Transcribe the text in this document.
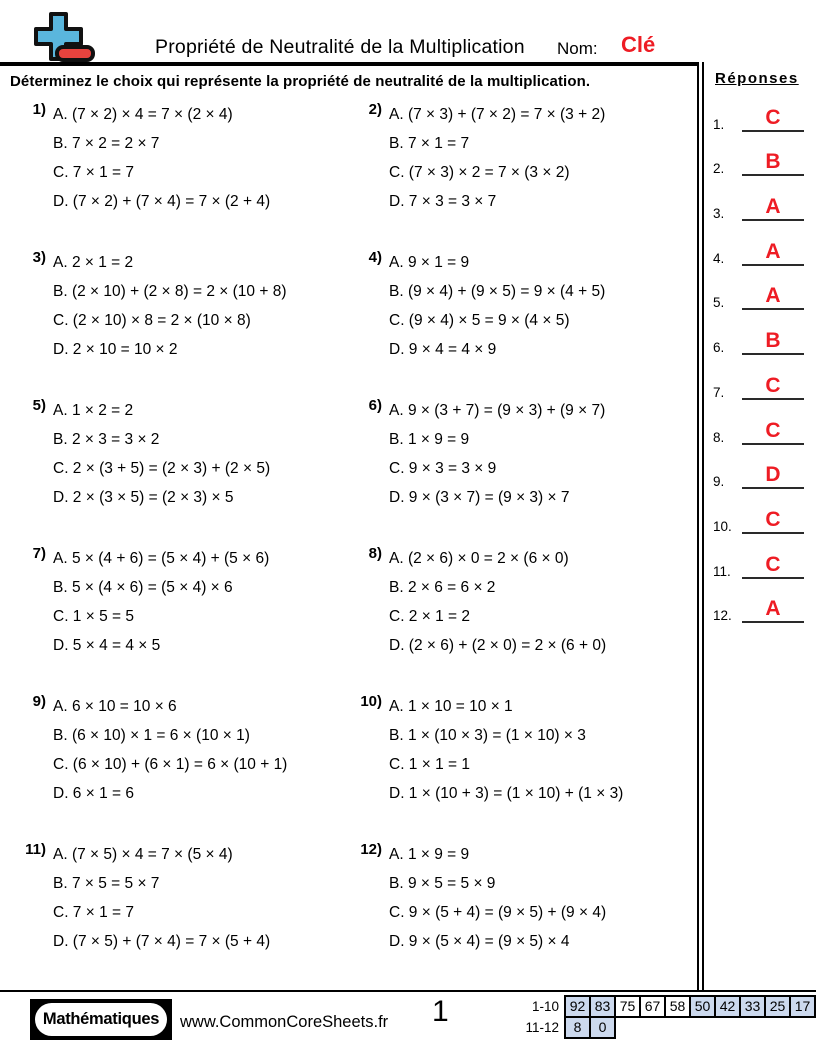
Propriété de Neutralité de la Multiplication Nom: Clé
Déterminez le choix qui représente la propriété de neutralité de la multiplication.
1) A. (7 × 2) × 4 = 7 × (2 × 4)
B. 7 × 2 = 2 × 7
C. 7 × 1 = 7
D. (7 × 2) + (7 × 4) = 7 × (2 + 4)
2) A. (7 × 3) + (7 × 2) = 7 × (3 + 2)
B. 7 × 1 = 7
C. (7 × 3) × 2 = 7 × (3 × 2)
D. 7 × 3 = 3 × 7
3) A. 2 × 1 = 2
B. (2 × 10) + (2 × 8) = 2 × (10 + 8)
C. (2 × 10) × 8 = 2 × (10 × 8)
D. 2 × 10 = 10 × 2
4) A. 9 × 1 = 9
B. (9 × 4) + (9 × 5) = 9 × (4 + 5)
C. (9 × 4) × 5 = 9 × (4 × 5)
D. 9 × 4 = 4 × 9
5) A. 1 × 2 = 2
B. 2 × 3 = 3 × 2
C. 2 × (3 + 5) = (2 × 3) + (2 × 5)
D. 2 × (3 × 5) = (2 × 3) × 5
6) A. 9 × (3 + 7) = (9 × 3) + (9 × 7)
B. 1 × 9 = 9
C. 9 × 3 = 3 × 9
D. 9 × (3 × 7) = (9 × 3) × 7
7) A. 5 × (4 + 6) = (5 × 4) + (5 × 6)
B. 5 × (4 × 6) = (5 × 4) × 6
C. 1 × 5 = 5
D. 5 × 4 = 4 × 5
8) A. (2 × 6) × 0 = 2 × (6 × 0)
B. 2 × 6 = 6 × 2
C. 2 × 1 = 2
D. (2 × 6) + (2 × 0) = 2 × (6 + 0)
9) A. 6 × 10 = 10 × 6
B. (6 × 10) × 1 = 6 × (10 × 1)
C. (6 × 10) + (6 × 1) = 6 × (10 + 1)
D. 6 × 1 = 6
10) A. 1 × 10 = 10 × 1
B. 1 × (10 × 3) = (1 × 10) × 3
C. 1 × 1 = 1
D. 1 × (10 + 3) = (1 × 10) + (1 × 3)
11) A. (7 × 5) × 4 = 7 × (5 × 4)
B. 7 × 5 = 5 × 7
C. 7 × 1 = 7
D. (7 × 5) + (7 × 4) = 7 × (5 + 4)
12) A. 1 × 9 = 9
B. 9 × 5 = 5 × 9
C. 9 × (5 + 4) = (9 × 5) + (9 × 4)
D. 9 × (5 × 4) = (9 × 5) × 4
Réponses
1.	C
2.	B
3.	A
4.	A
5.	A
6.	B
7.	C
8.	C
9.	D
10.	C
11.	C
12.	A
Mathématiques	www.CommonCoreSheets.fr 1	1-10 92 83 75 67 58 50 42 33 25 17
11-12	8	0
